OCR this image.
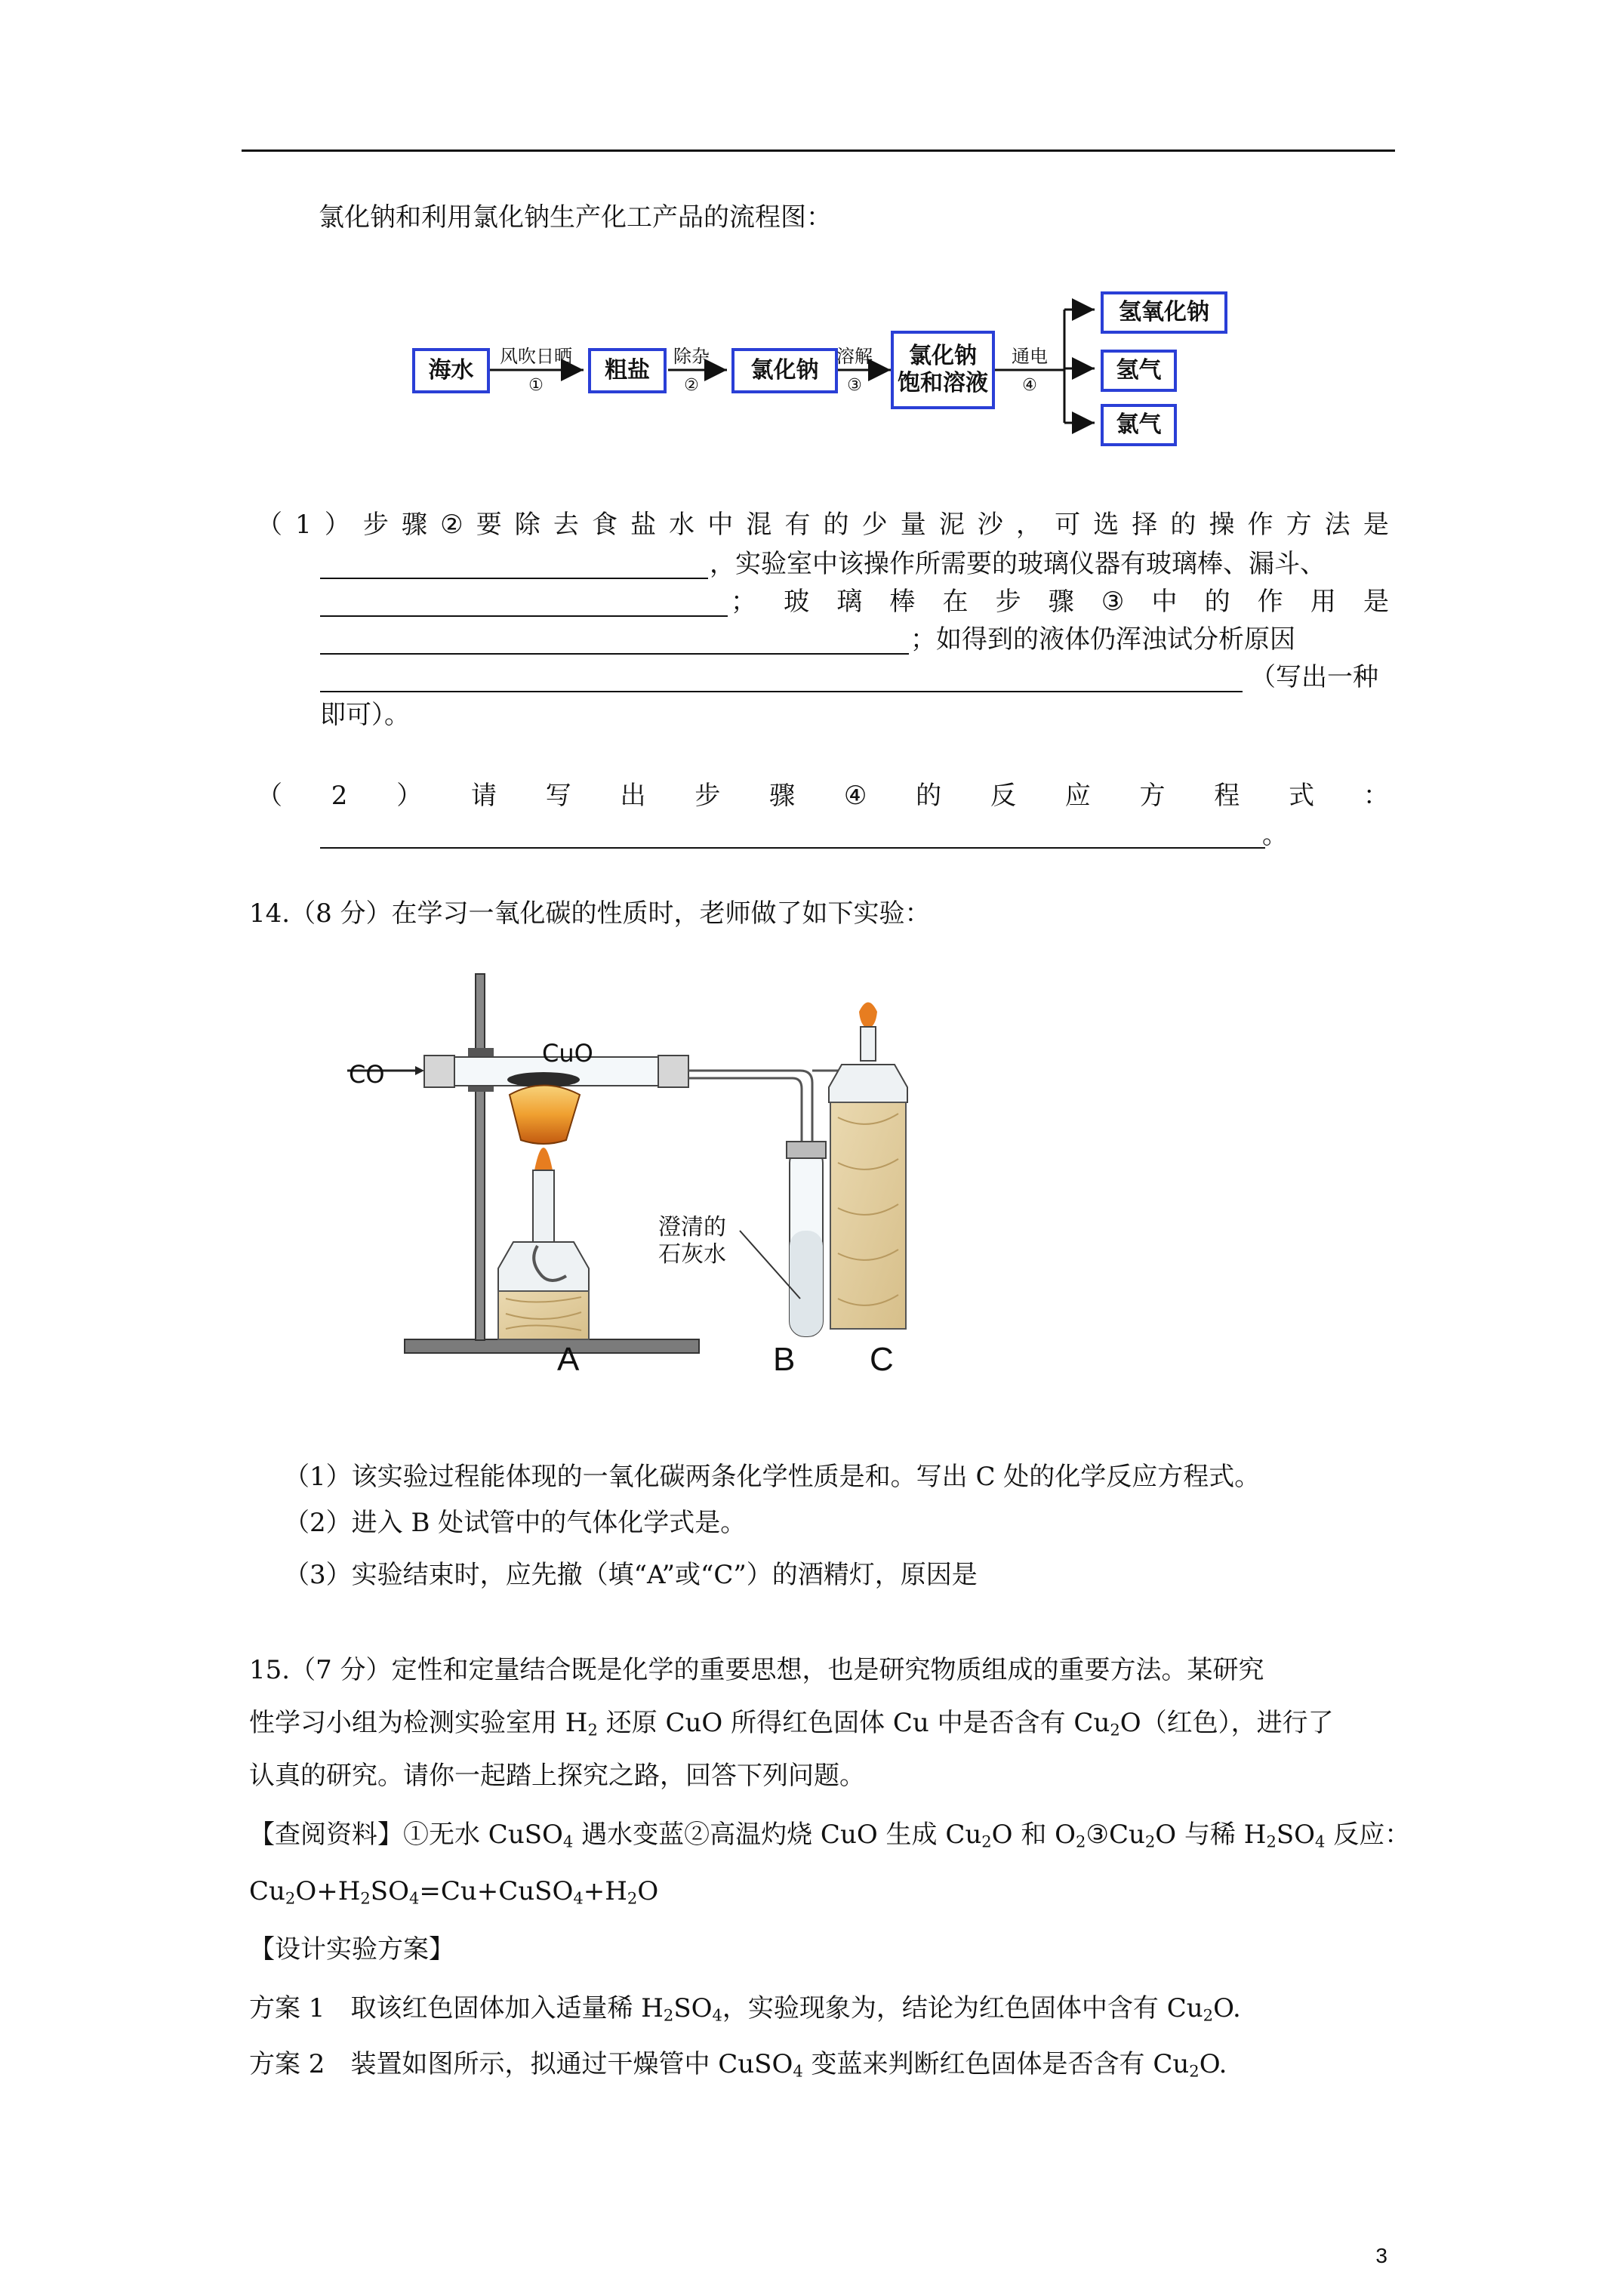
氯化钠和利用氯化钠生产化工产品的流程图：
海水	粗盐	氯化钠
氯化钠
饱和溶液
氢氧化钠
氢气
氯气
风吹日晒
①
除杂
②
溶解
③
通电
④
（ 1 ） 步 骤 ② 要 除 去 食 盐 水 中 混 有 的 少 量 泥 沙 ， 可 选 择 的 操 作 方 法 是
，实验室中该操作所需要的玻璃仪器有玻璃棒、漏斗、
； 玻 璃 棒 在 步 骤 ③ 中 的 作 用 是
；如得到的液体仍浑浊试分析原因
（写出一种
即可）。
（ 2 ） 请 写 出 步 骤 ④ 的 反 应 方 程 式 ：
。
14.（8 分）在学习一氧化碳的性质时，老师做了如下实验：
CO
CuO
澄清的
石灰水
A	B C
（1）该实验过程能体现的一氧化碳两条化学性质是和。写出 C 处的化学反应方程式。
（2）进入 B 处试管中的气体化学式是。
（3）实验结束时，应先撤（填“A”或“C”）的酒精灯，原因是
15.（7 分）定性和定量结合既是化学的重要思想，也是研究物质组成的重要方法。某研究
性学习小组为检测实验室用 $H_2$ 还原 CuO 所得红色固体 Cu 中是否含有 $Cu_2O$（红色），进行了
认真的研究。请你一起踏上探究之路，回答下列问题。
【查阅资料】①无水 CuSO$_4$ 遇水变蓝②高温灼烧 CuO 生成 $Cu_2O$ 和 $O_2③Cu_2O$ 与稀 $H_2SO_4$ 反应：
$Cu_2O+H_2SO_4=Cu+CuSO_4+H_2O$
【设计实验方案】
方案 1　取该红色固体加入适量稀 $H_2SO_4$，实验现象为，结论为红色固体中含有 $Cu_2O$.
方案 2　装置如图所示，拟通过干燥管中 CuSO$_4$ 变蓝来判断红色固体是否含有 $Cu_2O$.
3
